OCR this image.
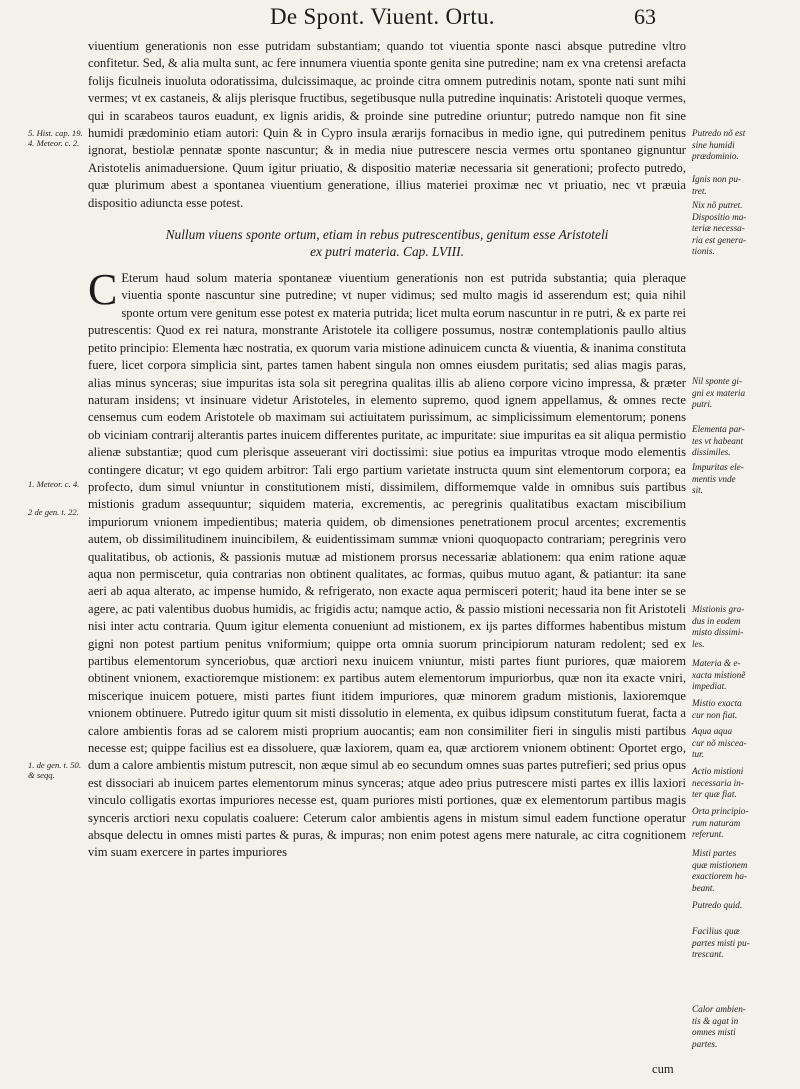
De Spont. Viuent. Ortu.	63

viuentium generationis non esse putridam substantiam; quando tot viuentia sponte nasci absque putredine vltro confitetur. Sed, & alia multa sunt, ac fere innumera viuentia sponte genita sine putredine; nam ex vna cretensi arefacta folijs ficulneis inuoluta odoratissima, dulcissimaque, ac proinde citra omnem putredinis notam, sponte nati sunt mihi vermes; vt ex castaneis, & alijs plerisque fructibus, segetibusque nulla putredine inquinatis: Aristoteli quoque vermes, qui in scarabeos tauros euadunt, ex lignis aridis, & proinde sine putredine oriuntur; putredo namque non fit sine humidi prædominio etiam autori: Quin & in Cypro insula ærarijs fornacibus in medio igne, qui putredinem penitus ignorat, bestiolæ pennatæ sponte nascuntur; & in media niue putrescere nescia vermes ortu spontaneo gignuntur Aristotelis animaduersione. Quum igitur priuatio, & dispositio materiæ necessaria sit generationi; profecto putredo, quæ plurimum abest a spontanea viuentium generatione, illius materiei proximæ nec vt priuatio, nec vt præuia dispositio adiuncta esse potest.

Nullum viuens sponte ortum, etiam in rebus putrescentibus, genitum esse Aristoteli
ex putri materia. Cap. LVIII.

C Eterum haud solum materia spontaneæ viuentium generationis non est putrida substantia; quia pleraque viuentia sponte nascuntur sine putredine; vt nuper vidimus; sed multo magis id asserendum est; quia nihil sponte ortum vere genitum esse potest ex materia putrida; licet multa eorum nascuntur in re putri, & ex parte rei putrescentis: Quod ex rei natura, monstrante Aristotele ita colligere possumus, nostræ contemplationis paullo altius petito principio: Elementa hæc nostratia, ex quorum varia mistione adinuicem cuncta & viuentia, & inanima constituta fuere, licet corpora simplicia sint, partes tamen habent singula non omnes eiusdem puritatis; sed alias magis paras, alias minus synceras; siue impuritas ista sola sit peregrina qualitas illis ab alieno corpore vicino impressa, & præter naturam insidens; vt insinuare videtur Aristoteles, in elemento supremo, quod ignem appellamus, & omnes recte censemus cum eodem Aristotele ob maximam sui actiuitatem purissimum, ac simplicissimum elementorum; ponens ob viciniam contrarij alterantis partes inuicem differentes puritate, ac impuritate: siue impuritas ea sit aliqua permistio alienæ substantiæ; quod cum plerisque asseuerant viri doctissimi: siue potius ea impuritas vtroque modo elementis contingere dicatur; vt ego quidem arbitror: Tali ergo partium varietate instructa quum sint elementorum corpora; ea profecto, dum simul vniuntur in constitutionem misti, dissimilem, difformemque valde in omnibus suis partibus mistionis gradum assequuntur; siquidem materia, excrementis, ac peregrinis qualitatibus exactam miscibilium impuriorum vnionem impedientibus; materia quidem, ob dimensiones penetrationem procul arcentes; excrementis autem, ob dissimilitudinem inuincibilem, & euidentissimam summæ vnioni quoquopacto contrariam; peregrinis vero qualitatibus, ob actionis, & passionis mutuæ ad mistionem prorsus necessariæ ablationem: qua enim ratione aquæ aqua non permiscetur, quia contrarias non obtinent qualitates, ac formas, quibus mutuo agant, & patiantur: ita sane aeri ab aqua alterato, ac impense humido, & refrigerato, non exacte aqua permisceri poterit; haud ita bene inter se se agere, ac pati valentibus duobus humidis, ac frigidis actu; namque actio, & passio mistioni necessaria non fit Aristoteli nisi inter actu contraria. Quum igitur elementa conueniunt ad mistionem, ex ijs partes difformes habentibus mistum gigni non potest partium penitus vniformium; quippe orta omnia suorum principiorum naturam redolent; sed ex partibus elementorum synceriobus, quæ arctiori nexu inuicem vniuntur, misti partes fiunt puriores, quæ maiorem obtinent vnionem, exactioremque mistionem: ex partibus autem elementorum impuriorbus, quæ non ita exacte vniri, miscerique inuicem potuere, misti partes fiunt itidem impuriores, quæ minorem gradum mistionis, laxioremque vnionem obtinuere. Putredo igitur quum sit misti dissolutio in elementa, ex quibus idipsum constitutum fuerat, facta a calore ambientis foras ad se calorem misti proprium auocantis; eam non consimiliter fieri in singulis misti partibus necesse est; quippe facilius est ea dissoluere, quæ laxiorem, quam ea, quæ arctiorem vnionem obtinent: Oportet ergo, dum a calore ambientis mistum putrescit, non æque simul ab eo secundum omnes suas partes putrefieri; sed prius opus est dissociari ab inuicem partes elementorum minus synceras; atque adeo prius putrescere misti partes ex illis laxiori vinculo colligatis exortas impuriores necesse est, quam puriores misti portiones, quæ ex elementorum partibus magis synceris arctiori nexu copulatis coaluere: Ceterum calor ambientis agens in mistum simul eadem functione operatur absque delectu in omnes misti partes & puras, & impuras; non enim potest agens mere naturale, ac citra cognitionem vim suam exercere in partes impuriores

5. Hist. cap. 19.
4. Meteor. c. 2.
1. Meteor. c. 4.
2 de gen. t. 22.
1. de gen. t. 50.
& seqq.
Putredo nõ est
sine humidi
prædominio.
Ignis non pu-
tret.
Nix nõ putret.
Dispositio ma-
teriæ necessa-
ria est genera-
tionis.
Nil sponte gi-
gni ex materia
putri.
Elementa par-
tes vt habeant
dissimiles.
Impuritas ele-
mentis vnde
sit.
Mistionis gra-
dus in eodem
misto dissimi-
les.
Materia & e-
xacta mistionẽ
impediat.
Mistio exacta
cur non fiat.
Aqua aqua
cur nõ miscea-
tur.
Actio mistioni
necessaria in-
ter quæ fiat.
Orta principio-
rum naturam
referunt.
Misti partes
quæ mistionem
exactiorem ha-
beant.
Putredo quid.
Facilius quæ
partes misti pu-
trescant.
Calor ambien-
tis & agat in
omnes misti
partes.
cum
